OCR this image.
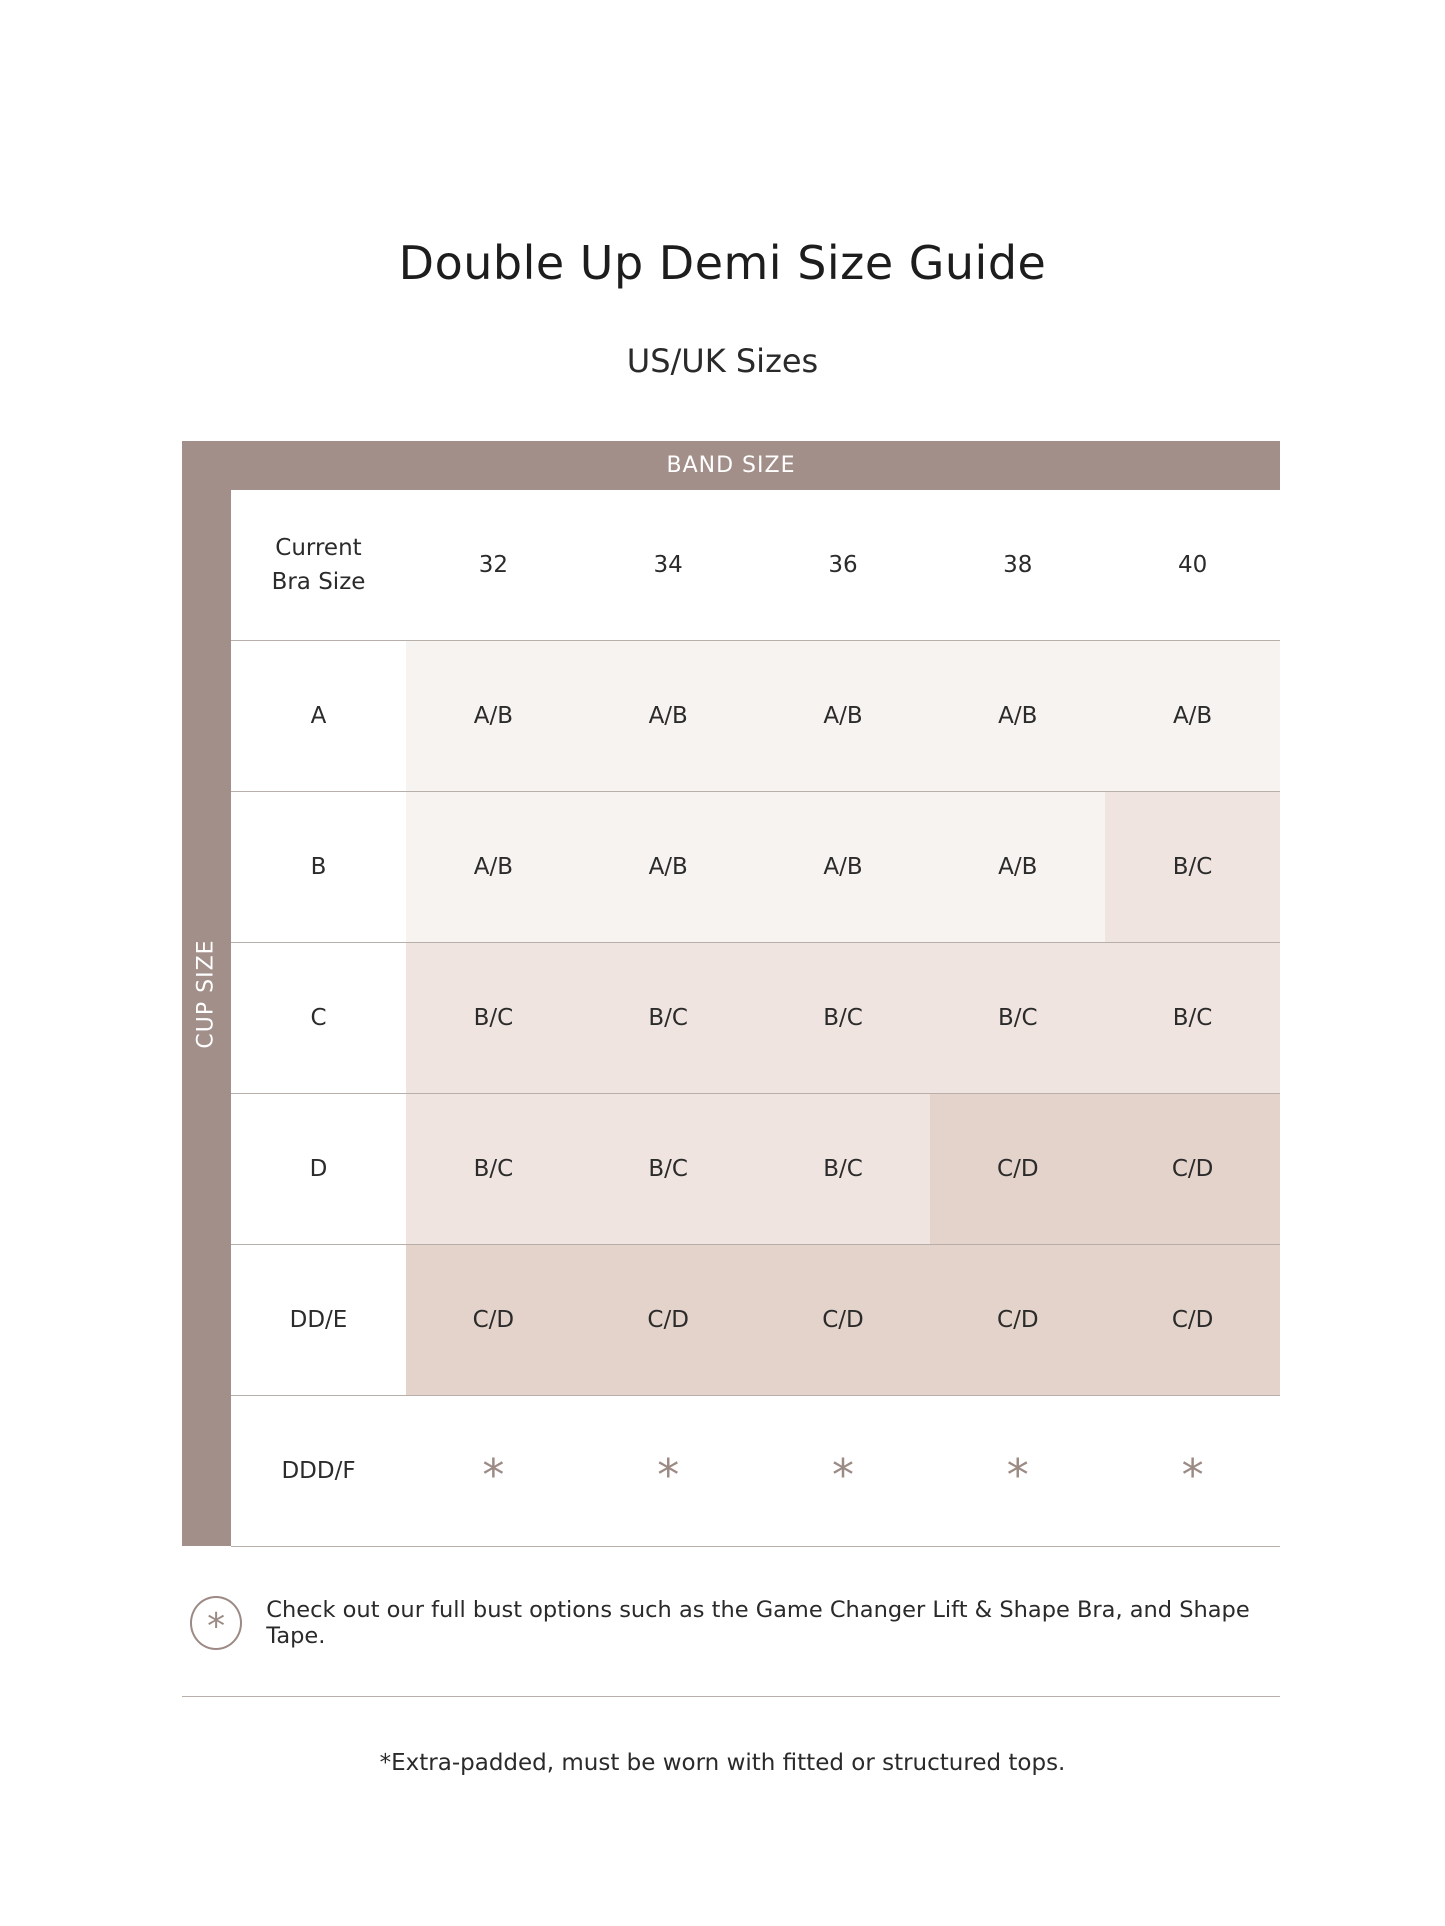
Double Up Demi Size Guide
US/UK Sizes
BAND SIZE
CUP SIZE
Current
Bra Size
32	34	36	38	40
A	A/B	A/B	A/B	A/B	A/B
B	A/B	A/B	A/B	A/B	B/C
C	B/C	B/C	B/C	B/C	B/C
D	B/C	B/C	B/C	C/D	C/D
DD/E	C/D	C/D	C/D	C/D	C/D
DDD/F	*	*	*	*	*
*	Check out our full bust options such as the Game Changer Lift & Shape Bra, and Shape Tape.
*Extra-padded, must be worn with fitted or structured tops.
